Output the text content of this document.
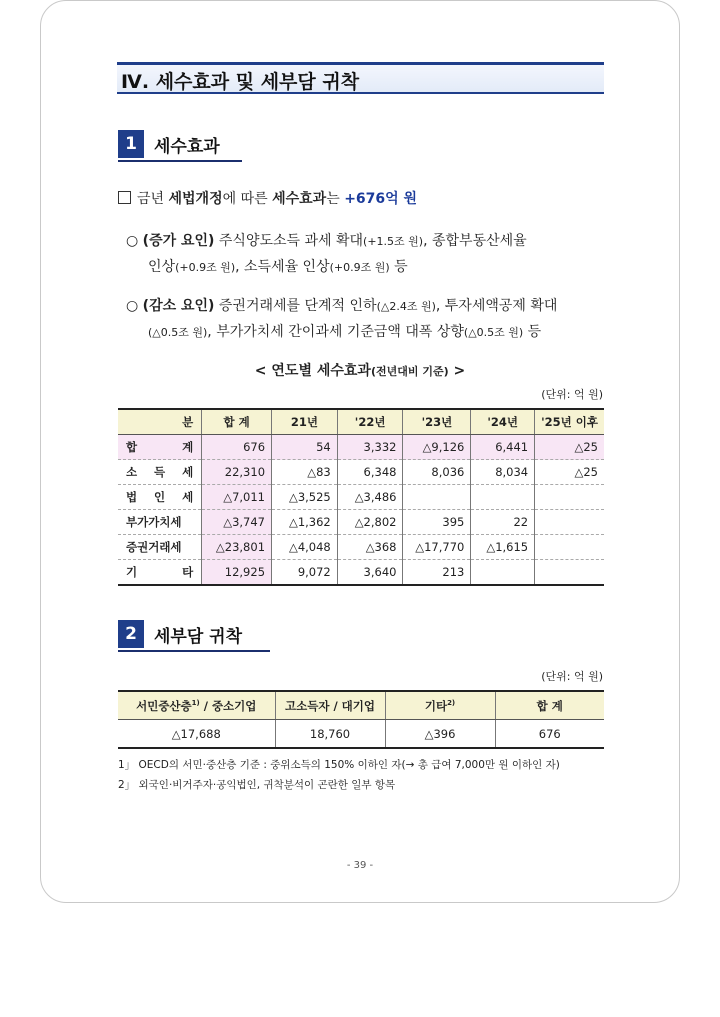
Ⅳ. 세수효과 및 세부담 귀착
1	세수효과
금년 세법개정에 따른 세수효과는 +676억 원
○ (증가 요인) 주식양도소득 과세 확대(+1.5조 원), 종합부동산세율
인상(+0.9조 원), 소득세율 인상(+0.9조 원) 등
○ (감소 요인) 증권거래세를 단계적 인하(△2.4조 원), 투자세액공제 확대
(△0.5조 원), 부가가치세 간이과세 기준금액 대폭 상향(△0.5조 원) 등
< 연도별 세수효과(전년대비 기준) >
(단위: 억 원)
분	합 계	21년	'22년	'23년	'24년	'25년 이후
합 계	676	54	3,332	△9,126	6,441	△25
소 득 세	22,310	△83	6,348	8,036	8,034	△25
법 인 세	△7,011	△3,525	△3,486			
부가가치세	△3,747	△1,362	△2,802	395	22	
증권거래세	△23,801	△4,048	△368	△17,770	△1,615	
기 타	12,925	9,072	3,640	213		
2	세부담 귀착
(단위: 억 원)
서민중산층$^{1)}$ / 중소기업	고소득자 / 대기업	기타$^{2)}$	합 계
△17,688	18,760	△396	676
1」 OECD의 서민·중산층 기준 : 중위소득의 150% 이하인 자(→ 총 급여 7,000만 원 이하인 자)
2」 외국인·비거주자·공익법인, 귀착분석이 곤란한 일부 항목
- 39 -
